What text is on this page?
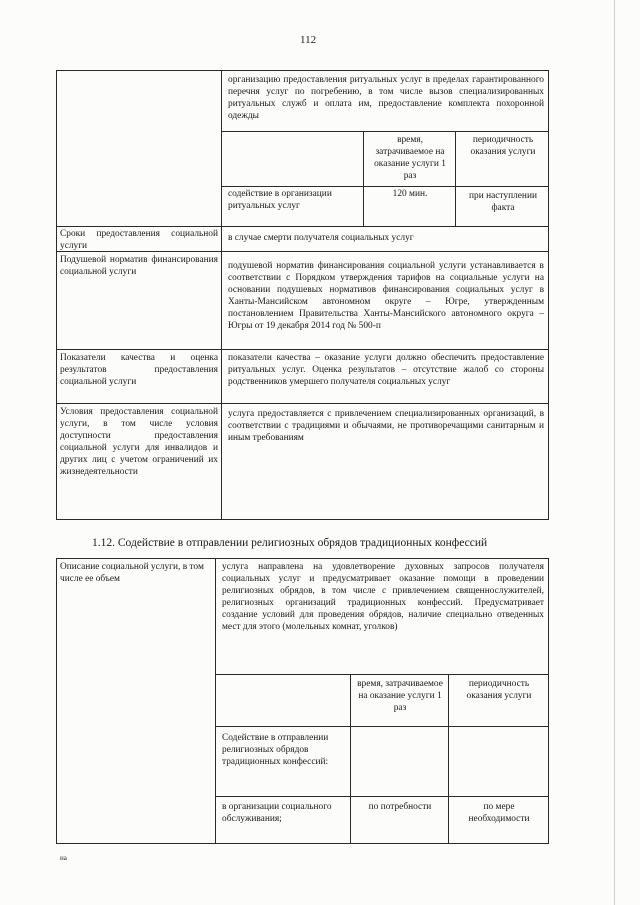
112
организацию предоставления ритуальных услуг в пределах гарантированного перечня услуг по погребению, в том числе вызов специализированных ритуальных служб и оплата им, предоставление комплекта похоронной одежды
время, затрачиваемое на оказание услуги 1 раз
периодичность оказания услуги
содействие в организации ритуальных услуг
120 мин.	при наступлении факта
Сроки предоставления социальной услуги
в случае смерти получателя социальных услуг
Подушевой норматив финансирования социальной услуги
подушевой норматив финансирования социальной услуги устанавливается в соответствии с Порядком утверждения тарифов на социальные услуги на основании подушевых нормативов финансирования социальных услуг в Ханты-Мансийском автономном округе – Югре, утвержденным постановлением Правительства Ханты-Мансийского автономного округа – Югры от 19 декабря 2014 год № 500-п
Показатели качества и оценка результатов предоставления социальной услуги
показатели качества – оказание услуги должно обеспечить предоставление ритуальных услуг. Оценка результатов – отсутствие жалоб со стороны родственников умершего получателя социальных услуг
Условия предоставления социальной услуги, в том числе условия доступности предоставления социальной услуги для инвалидов и других лиц с учетом ограничений их жизнедеятельности
услуга предоставляется с привлечением специализированных организаций, в соответствии с традициями и обычаями, не противоречащими санитарным и иным требованиям
1.12. Содействие в отправлении религиозных обрядов традиционных конфессий
Описание социальной услуги, в том числе ее объем
услуга направлена на удовлетворение духовных запросов получателя социальных услуг и предусматривает оказание помощи в проведении религиозных обрядов, в том числе с привлечением священнослужителей, религиозных организаций традиционных конфессий. Предусматривает создание условий для проведения обрядов, наличие специально отведенных мест для этого (молельных комнат, уголков)
время, затрачиваемое на оказание услуги 1 раз
периодичность оказания услуги
Содействие в отправлении религиозных обрядов традиционных конфессий:
в организации социального обслуживания;
по потребности	по мере необходимости
на
